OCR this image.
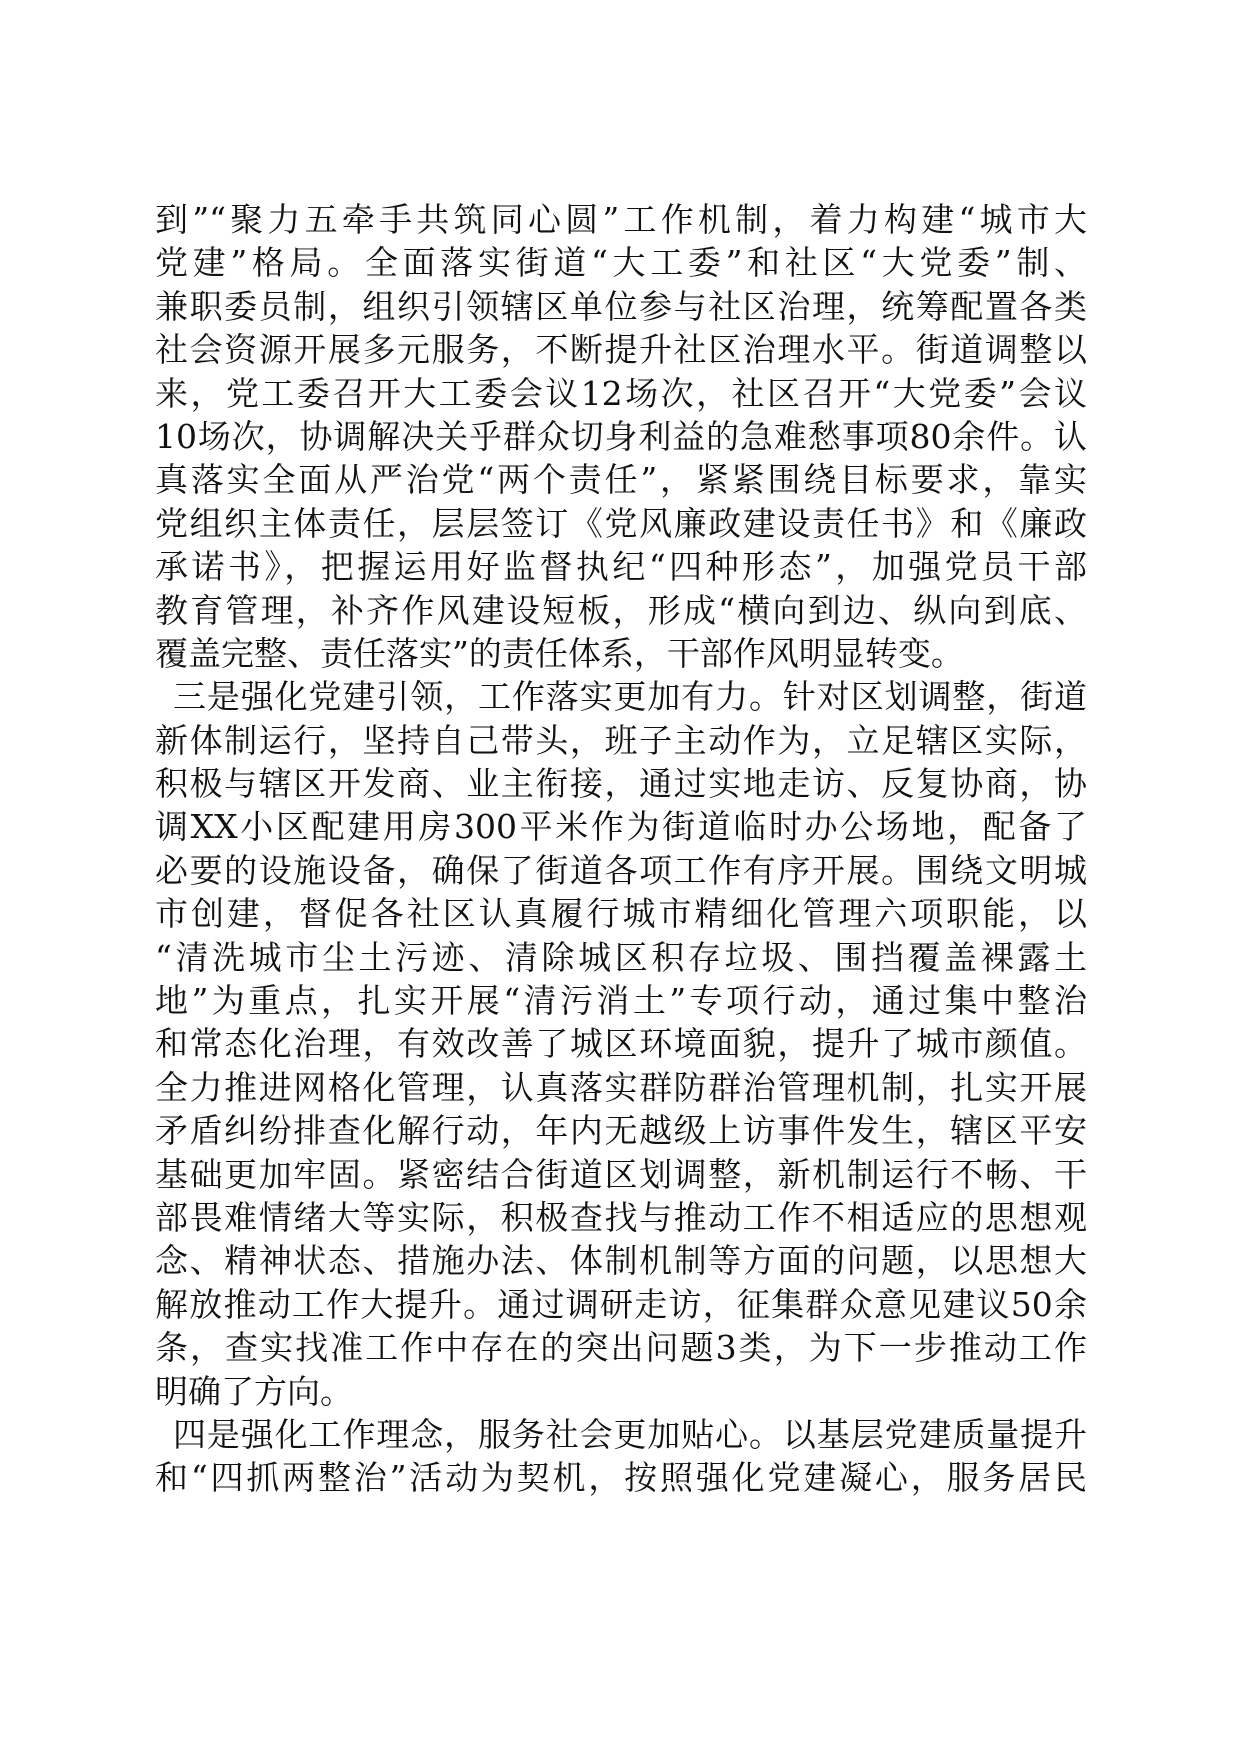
到”“聚力五牵手共筑同心圆”工作机制，着力构建“城市大
党建”格局。全面落实街道“大工委”和社区“大党委”制、
兼职委员制，组织引领辖区单位参与社区治理，统筹配置各类
社会资源开展多元服务，不断提升社区治理水平。街道调整以
来，党工委召开大工委会议12场次，社区召开“大党委”会议
10场次，协调解决关乎群众切身利益的急难愁事项80余件。认
真落实全面从严治党“两个责任”，紧紧围绕目标要求，靠实
党组织主体责任，层层签订《党风廉政建设责任书》和《廉政
承诺书》，把握运用好监督执纪“四种形态”，加强党员干部
教育管理，补齐作风建设短板，形成“横向到边、纵向到底、
覆盖完整、责任落实”的责任体系，干部作风明显转变。
三是强化党建引领，工作落实更加有力。针对区划调整，街道
新体制运行，坚持自己带头，班子主动作为，立足辖区实际，
积极与辖区开发商、业主衔接，通过实地走访、反复协商，协
调XX小区配建用房300平米作为街道临时办公场地，配备了
必要的设施设备，确保了街道各项工作有序开展。围绕文明城
市创建，督促各社区认真履行城市精细化管理六项职能，以
“清洗城市尘土污迹、清除城区积存垃圾、围挡覆盖裸露土
地”为重点，扎实开展“清污消土”专项行动，通过集中整治
和常态化治理，有效改善了城区环境面貌，提升了城市颜值。
全力推进网格化管理，认真落实群防群治管理机制，扎实开展
矛盾纠纷排查化解行动，年内无越级上访事件发生，辖区平安
基础更加牢固。紧密结合街道区划调整，新机制运行不畅、干
部畏难情绪大等实际，积极查找与推动工作不相适应的思想观
念、精神状态、措施办法、体制机制等方面的问题，以思想大
解放推动工作大提升。通过调研走访，征集群众意见建议50余
条，查实找准工作中存在的突出问题3类，为下一步推动工作
明确了方向。
四是强化工作理念，服务社会更加贴心。以基层党建质量提升
和“四抓两整治”活动为契机，按照强化党建凝心，服务居民
